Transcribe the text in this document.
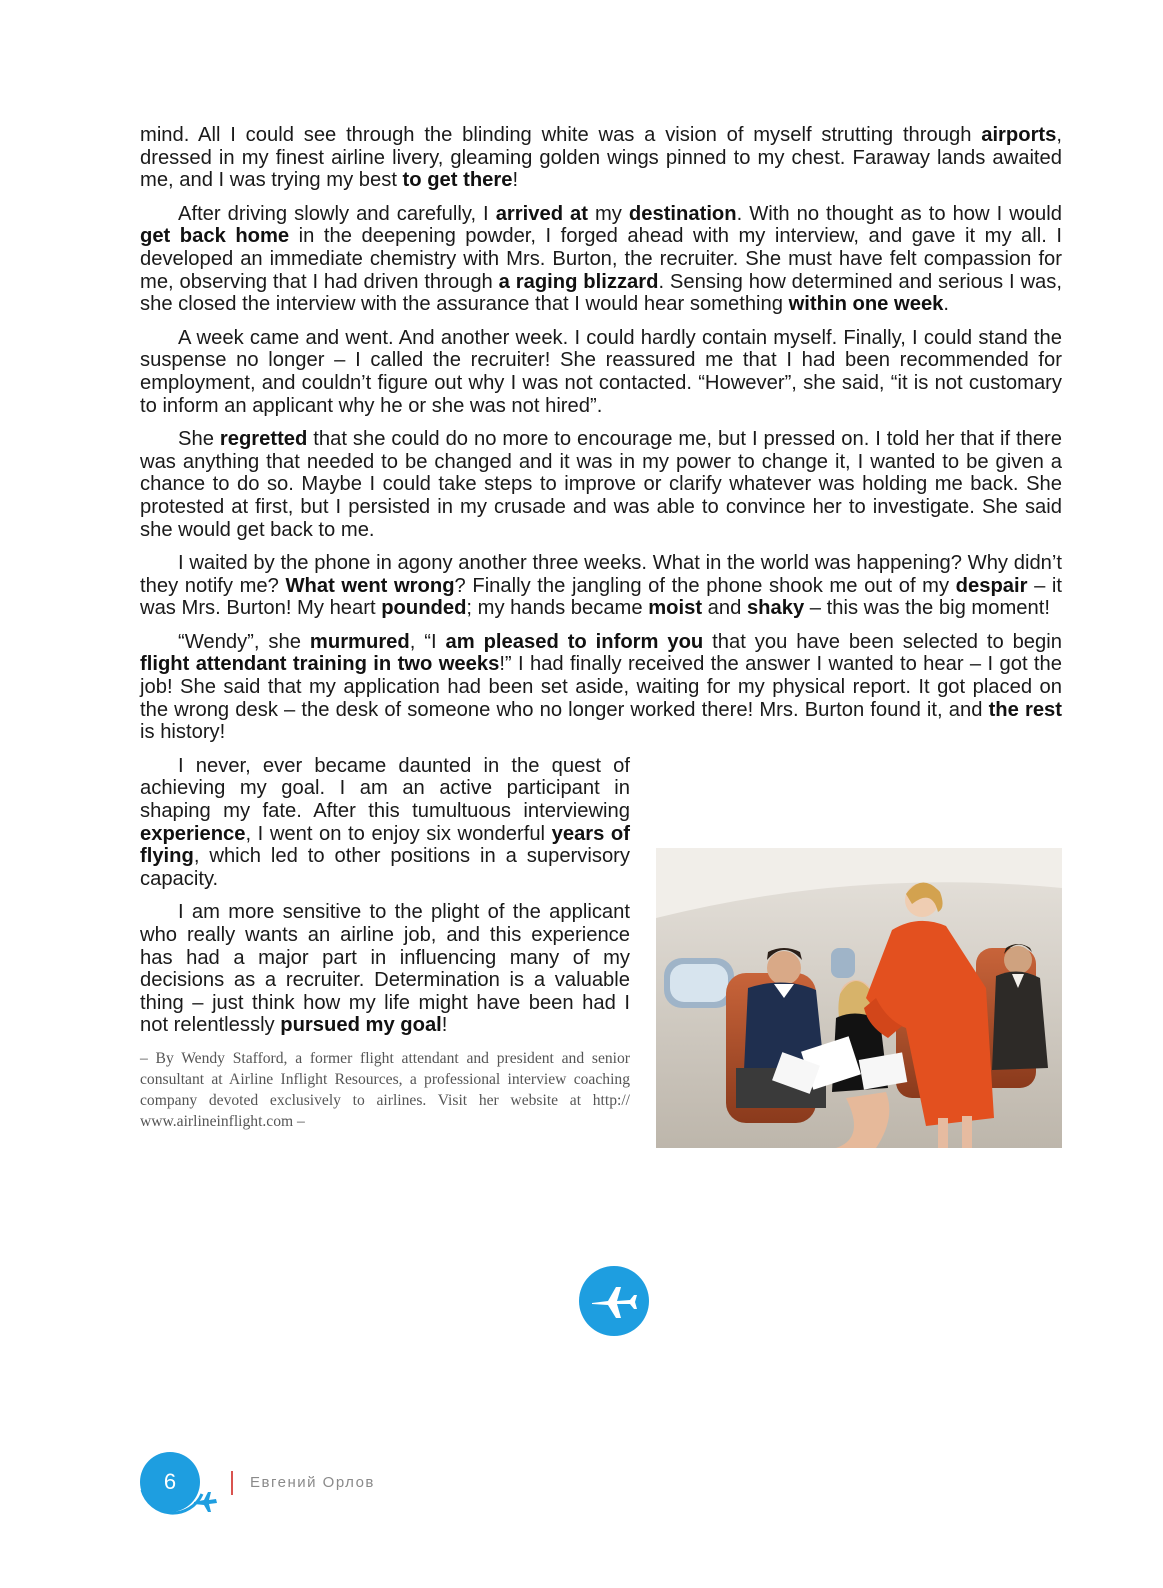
mind. All I could see through the blinding white was a vision of myself strutting through airports, dressed in my finest airline livery, gleaming golden wings pinned to my chest. Faraway lands awaited me, and I was trying my best to get there!

After driving slowly and carefully, I arrived at my destination. With no thought as to how I would get back home in the deepening powder, I forged ahead with my interview, and gave it my all. I developed an immediate chemistry with Mrs. Burton, the recruiter. She must have felt compassion for me, observing that I had driven through a raging blizzard. Sensing how determined and serious I was, she closed the interview with the assurance that I would hear something within one week.

A week came and went. And another week. I could hardly contain myself. Finally, I could stand the suspense no longer – I called the recruiter! She reassured me that I had been recommended for employment, and couldn’t figure out why I was not contacted. “However”, she said, “it is not customary to inform an applicant why he or she was not hired”.

She regretted that she could do no more to encourage me, but I pressed on. I told her that if there was anything that needed to be changed and it was in my power to change it, I wanted to be given a chance to do so. Maybe I could take steps to improve or clarify whatever was holding me back. She protested at first, but I persisted in my crusade and was able to convince her to investigate. She said she would get back to me.

I waited by the phone in agony another three weeks. What in the world was happening? Why didn’t they notify me? What went wrong? Finally the jangling of the phone shook me out of my despair – it was Mrs. Burton! My heart pounded; my hands became moist and shaky – this was the big moment!

“Wendy”, she murmured, “I am pleased to inform you that you have been selected to begin flight attendant training in two weeks!” I had finally received the answer I wanted to hear – I got the job! She said that my application had been set aside, waiting for my physical report. It got placed on the wrong desk – the desk of someone who no longer worked there! Mrs. Burton found it, and the rest is history!

I never, ever became daunted in the quest of achieving my goal. I am an active participant in shaping my fate. After this tumultuous interviewing experience, I went on to enjoy six wonderful years of flying, which led to other positions in a supervisory capacity.

I am more sensitive to the plight of the applicant who really wants an airline job, and this experience has had a major part in influencing many of my decisions as a recruiter. Determination is a valuable thing – just think how my life might have been had I not relentlessly pursued my goal!

– By Wendy Stafford, a former flight attendant and president and senior consultant at Airline Inflight Resources, a professional interview coaching company devoted exclusively to airlines. Visit her website at http:// www.airlineinflight.com –
6	Евгений Орлов
